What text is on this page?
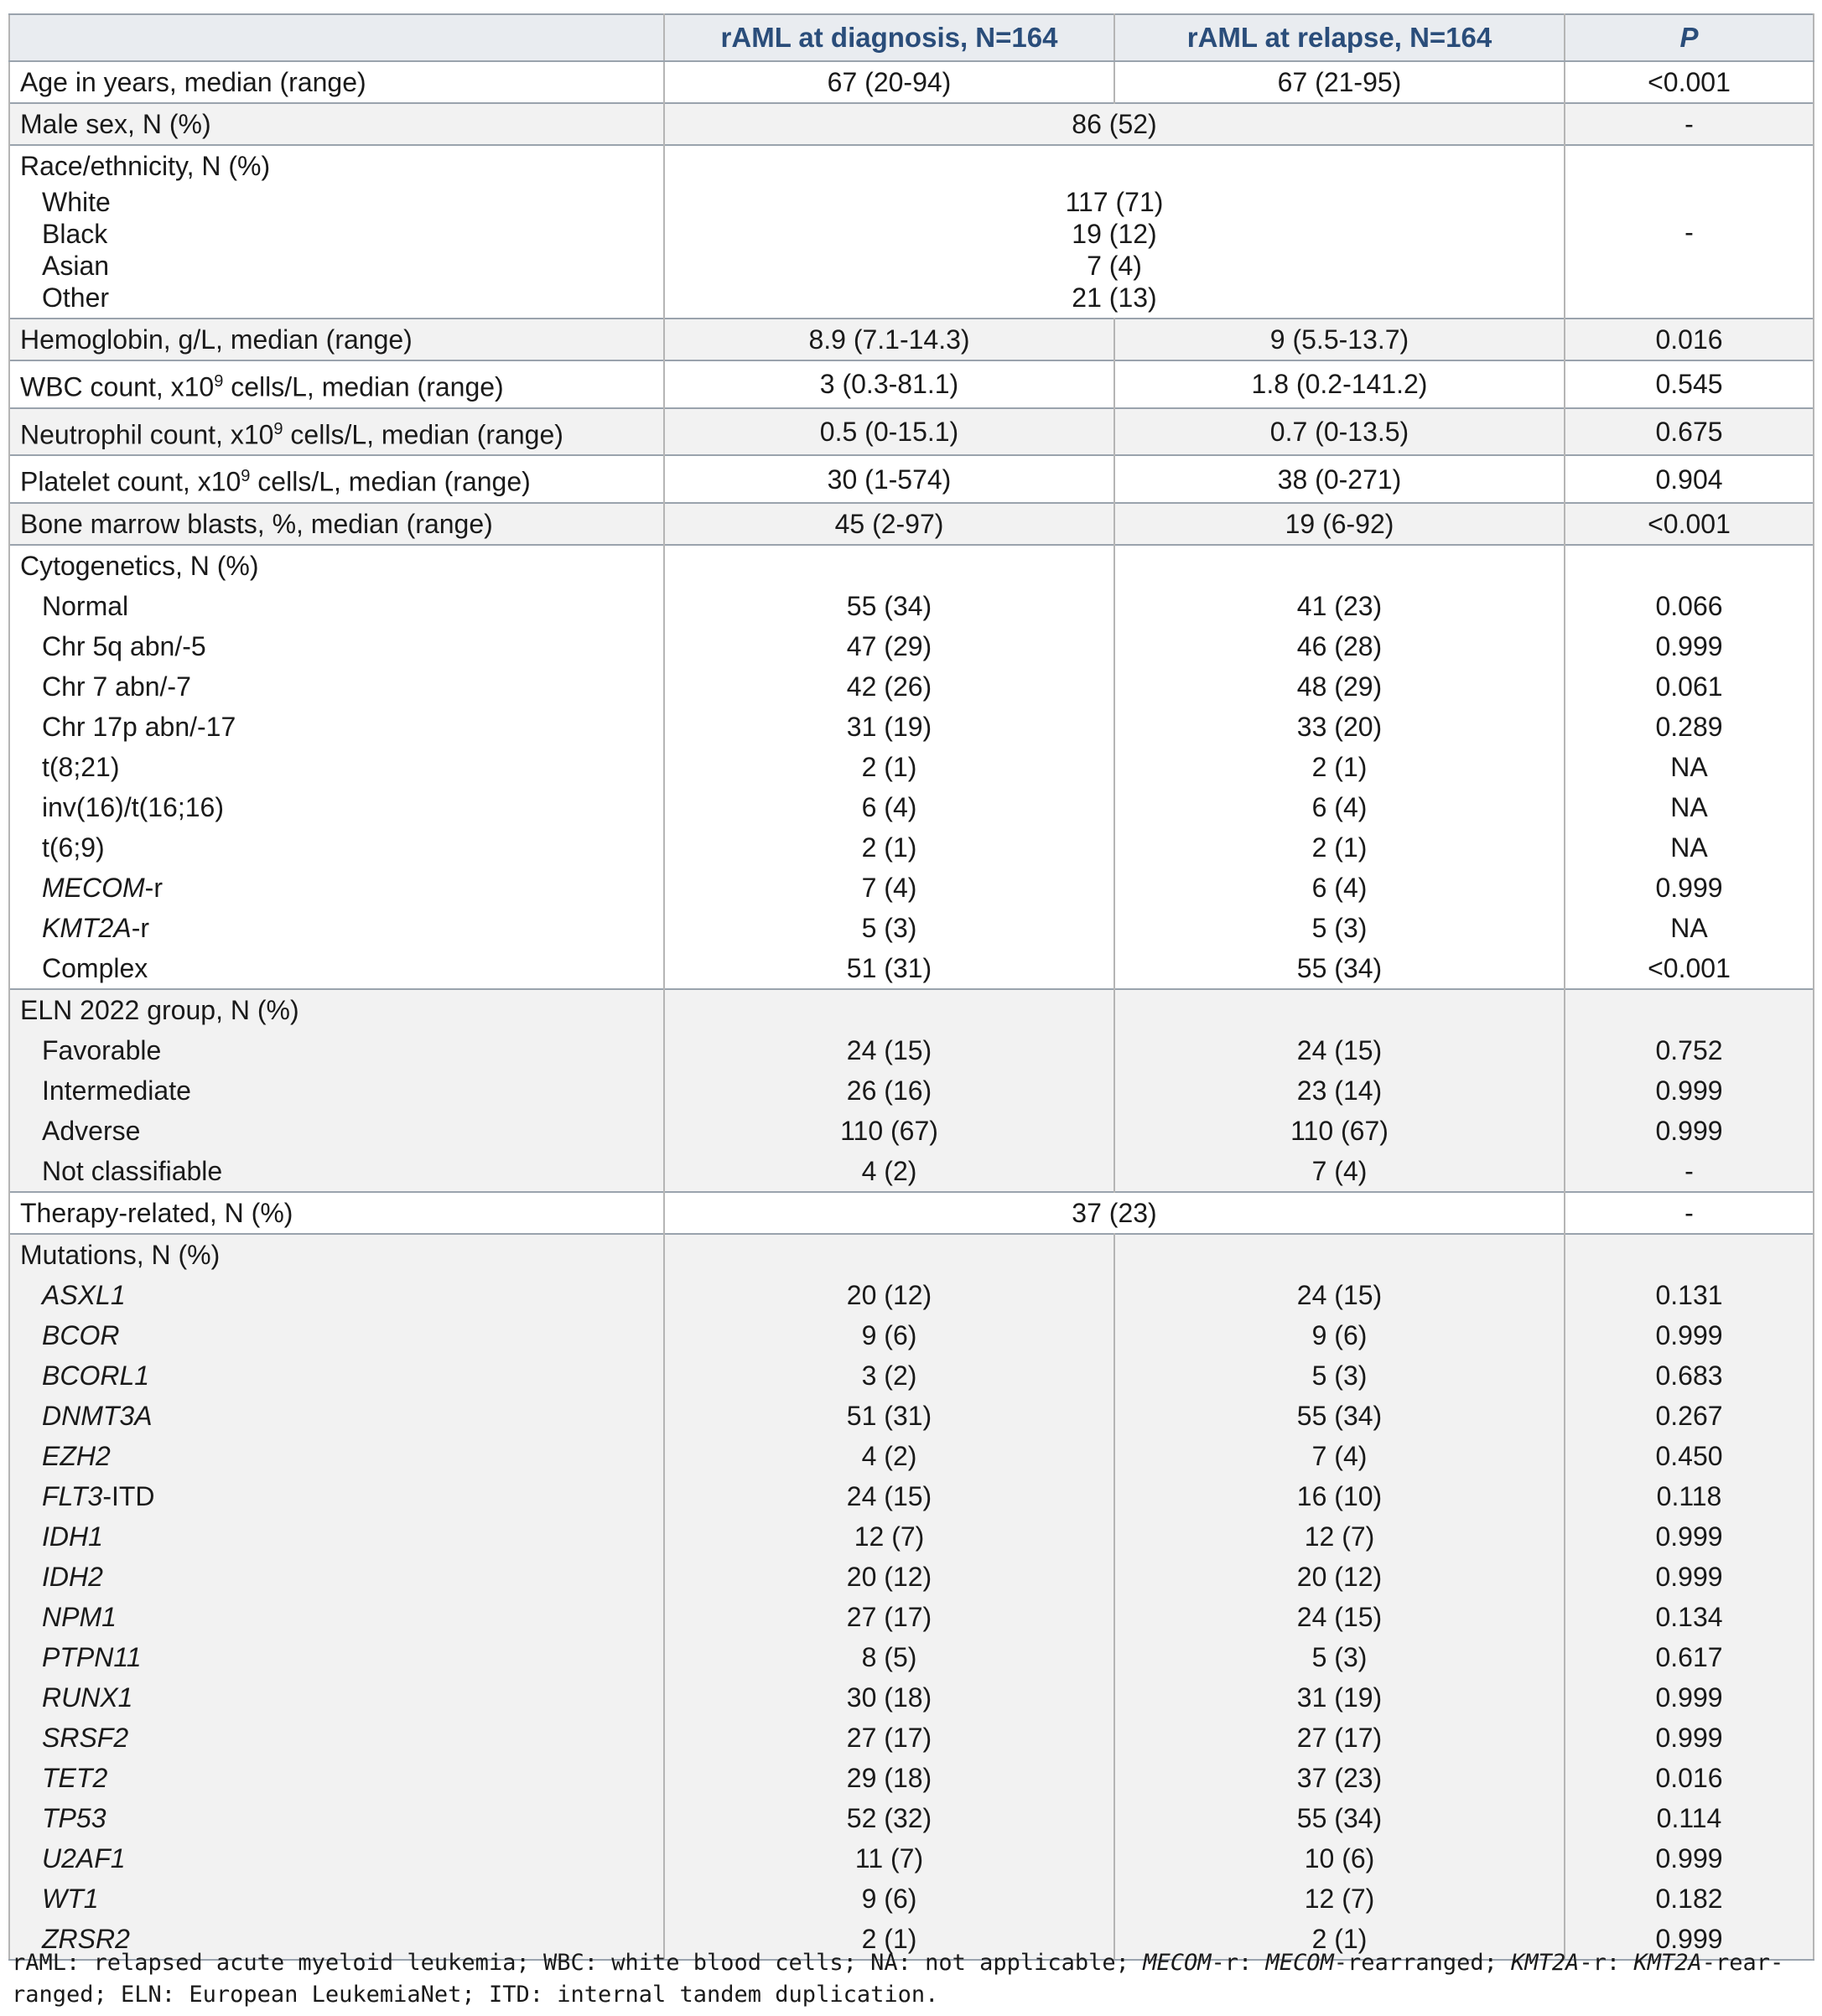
	rAML at diagnosis, N=164	rAML at relapse, N=164	P
Age in years, median (range)	67 (20-94)	67 (21-95)	<0.001
Male sex, N (%)	86 (52)		-
Race/ethnicity, N (%)			-
White	117 (71)		
Black	19 (12)		
Asian	7 (4)		
Other	21 (13)		
Hemoglobin, g/L, median (range)	8.9 (7.1-14.3)	9 (5.5-13.7)	0.016
WBC count, $x10^9$ cells/L, median (range)	3 (0.3-81.1)	1.8 (0.2-141.2)	0.545
Neutrophil count, $x10^9$ cells/L, median (range)	0.5 (0-15.1)	0.7 (0-13.5)	0.675
Platelet count, $x10^9$ cells/L, median (range)	30 (1-574)	38 (0-271)	0.904
Bone marrow blasts, %, median (range)	45 (2-97)	19 (6-92)	<0.001
Cytogenetics, N (%)			
Normal	55 (34)	41 (23)	0.066
Chr 5q abn/-5	47 (29)	46 (28)	0.999
Chr 7 abn/-7	42 (26)	48 (29)	0.061
Chr 17p abn/-17	31 (19)	33 (20)	0.289
t(8;21)	2 (1)	2 (1)	NA
inv(16)/t(16;16)	6 (4)	6 (4)	NA
t(6;9)	2 (1)	2 (1)	NA
MECOM-r	7 (4)	6 (4)	0.999
KMT2A-r	5 (3)	5 (3)	NA
Complex	51 (31)	55 (34)	<0.001
ELN 2022 group, N (%)			
Favorable	24 (15)	24 (15)	0.752
Intermediate	26 (16)	23 (14)	0.999
Adverse	110 (67)	110 (67)	0.999
Not classifiable	4 (2)	7 (4)	-
Therapy-related, N (%)	37 (23)		-
Mutations, N (%)			
ASXL1	20 (12)	24 (15)	0.131
BCOR	9 (6)	9 (6)	0.999
BCORL1	3 (2)	5 (3)	0.683
DNMT3A	51 (31)	55 (34)	0.267
EZH2	4 (2)	7 (4)	0.450
FLT3-ITD	24 (15)	16 (10)	0.118
IDH1	12 (7)	12 (7)	0.999
IDH2	20 (12)	20 (12)	0.999
NPM1	27 (17)	24 (15)	0.134
PTPN11	8 (5)	5 (3)	0.617
RUNX1	30 (18)	31 (19)	0.999
SRSF2	27 (17)	27 (17)	0.999
TET2	29 (18)	37 (23)	0.016
TP53	52 (32)	55 (34)	0.114
U2AF1	11 (7)	10 (6)	0.999
WT1	9 (6)	12 (7)	0.182
ZRSR2	2 (1)	2 (1)	0.999
rAML: relapsed acute myeloid leukemia; WBC: white blood cells; NA: not applicable; MECOM-r: MECOM-rearranged; KMT2A-r: KMT2A-rear-
ranged; ELN: European LeukemiaNet; ITD: internal tandem duplication.
